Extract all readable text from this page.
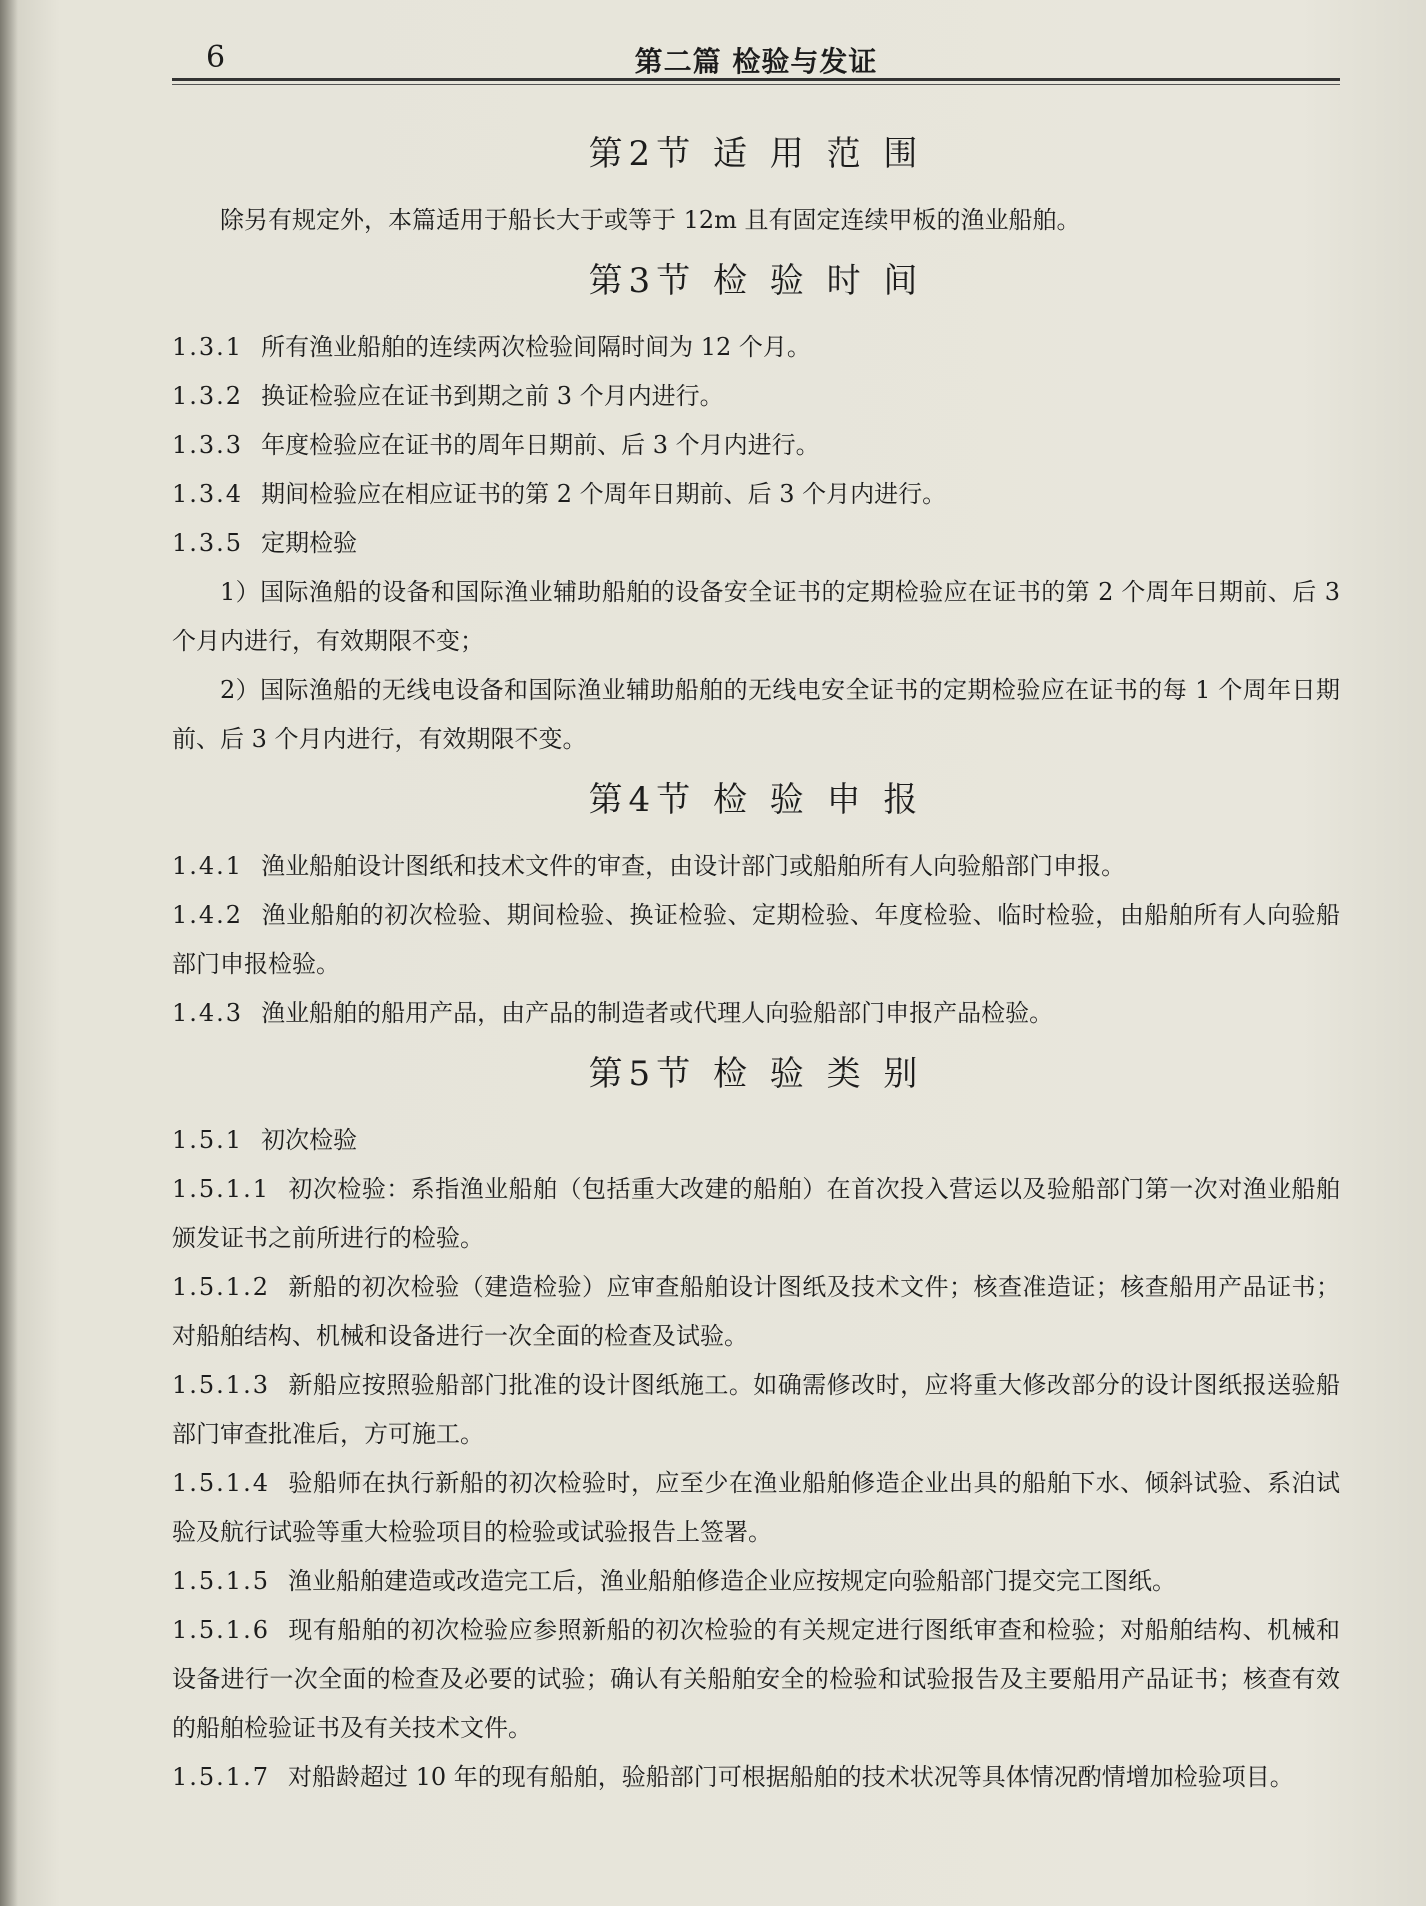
6	第二篇 检验与发证
第2节 适 用 范 围

除另有规定外，本篇适用于船长大于或等于 12m 且有固定连续甲板的渔业船舶。

第3节 检 验 时 间

1.3.1 所有渔业船舶的连续两次检验间隔时间为 12 个月。

1.3.2 换证检验应在证书到期之前 3 个月内进行。

1.3.3 年度检验应在证书的周年日期前、后 3 个月内进行。

1.3.4 期间检验应在相应证书的第 2 个周年日期前、后 3 个月内进行。

1.3.5 定期检验

1）国际渔船的设备和国际渔业辅助船舶的设备安全证书的定期检验应在证书的第 2 个周年日期前、后 3 个月内进行，有效期限不变；

2）国际渔船的无线电设备和国际渔业辅助船舶的无线电安全证书的定期检验应在证书的每 1 个周年日期前、后 3 个月内进行，有效期限不变。

第4节 检 验 申 报

1.4.1 渔业船舶设计图纸和技术文件的审查，由设计部门或船舶所有人向验船部门申报。

1.4.2 渔业船舶的初次检验、期间检验、换证检验、定期检验、年度检验、临时检验，由船舶所有人向验船部门申报检验。

1.4.3 渔业船舶的船用产品，由产品的制造者或代理人向验船部门申报产品检验。

第5节 检 验 类 别

1.5.1 初次检验

1.5.1.1 初次检验：系指渔业船舶（包括重大改建的船舶）在首次投入营运以及验船部门第一次对渔业船舶颁发证书之前所进行的检验。

1.5.1.2 新船的初次检验（建造检验）应审查船舶设计图纸及技术文件；核查准造证；核查船用产品证书；对船舶结构、机械和设备进行一次全面的检查及试验。

1.5.1.3 新船应按照验船部门批准的设计图纸施工。如确需修改时，应将重大修改部分的设计图纸报送验船部门审查批准后，方可施工。

1.5.1.4 验船师在执行新船的初次检验时，应至少在渔业船舶修造企业出具的船舶下水、倾斜试验、系泊试验及航行试验等重大检验项目的检验或试验报告上签署。

1.5.1.5 渔业船舶建造或改造完工后，渔业船舶修造企业应按规定向验船部门提交完工图纸。

1.5.1.6 现有船舶的初次检验应参照新船的初次检验的有关规定进行图纸审查和检验；对船舶结构、机械和设备进行一次全面的检查及必要的试验；确认有关船舶安全的检验和试验报告及主要船用产品证书；核查有效的船舶检验证书及有关技术文件。

1.5.1.7 对船龄超过 10 年的现有船舶，验船部门可根据船舶的技术状况等具体情况酌情增加检验项目。
